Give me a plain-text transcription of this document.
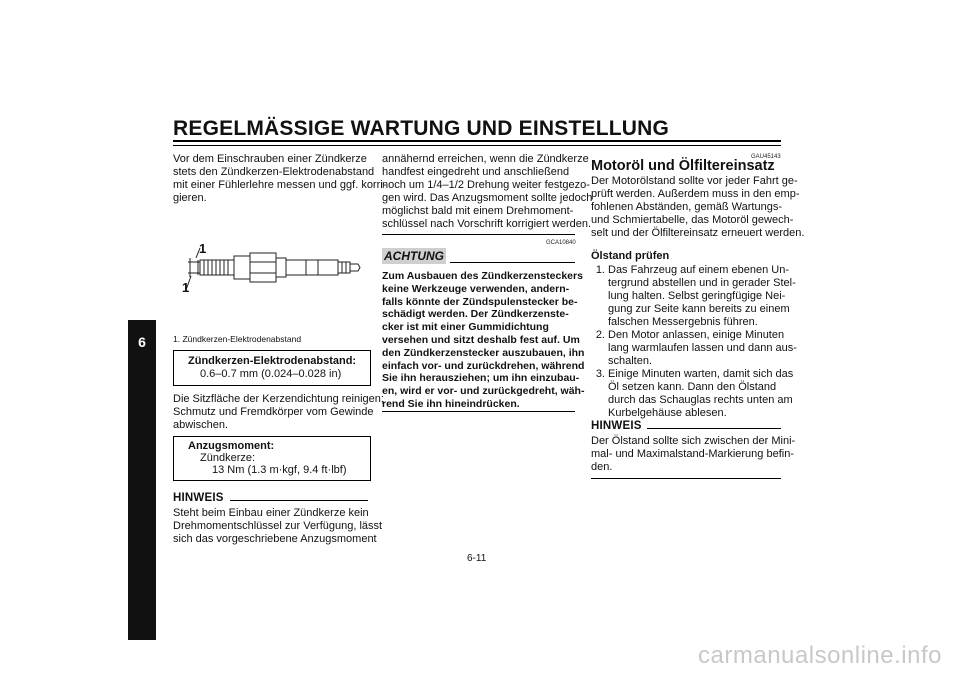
REGELMÄSSIGE WARTUNG UND EINSTELLUNG
6
Vor dem Einschrauben einer Zündkerze
stets den Zündkerzen-Elektrodenabstand
mit einer Fühlerlehre messen und ggf. korri-
gieren.
1
1
1. Zündkerzen-Elektrodenabstand
Zündkerzen-Elektrodenabstand:
0.6–0.7 mm (0.024–0.028 in)
Die Sitzfläche der Kerzendichtung reinigen;
Schmutz und Fremdkörper vom Gewinde
abwischen.
Anzugsmoment:
Zündkerze:
13 Nm (1.3 m·kgf, 9.4 ft·lbf)
HINWEIS
Steht beim Einbau einer Zündkerze kein
Drehmomentschlüssel zur Verfügung, lässt
sich das vorgeschriebene Anzugsmoment
annähernd erreichen, wenn die Zündkerze
handfest eingedreht und anschließend
noch um 1/4–1/2 Drehung weiter festgezo-
gen wird. Das Anzugsmoment sollte jedoch
möglichst bald mit einem Drehmoment-
schlüssel nach Vorschrift korrigiert werden.
GCA10840
ACHTUNG
Zum Ausbauen des Zündkerzensteckers
keine Werkzeuge verwenden, andern-
falls könnte der Zündspulenstecker be-
schädigt werden. Der Zündkerzenste-
cker ist mit einer Gummidichtung
versehen und sitzt deshalb fest auf. Um
den Zündkerzenstecker auszubauen, ihn
einfach vor- und zurückdrehen, während
Sie ihn herausziehen; um ihn einzubau-
en, wird er vor- und zurückgedreht, wäh-
rend Sie ihn hineindrücken.
GAU45143
Motoröl und Ölfiltereinsatz
Der Motorölstand sollte vor jeder Fahrt ge-
prüft werden. Außerdem muss in den emp-
fohlenen Abständen, gemäß Wartungs-
und Schmiertabelle, das Motoröl gewech-
selt und der Ölfiltereinsatz erneuert werden.
Ölstand prüfen
1. Das Fahrzeug auf einem ebenen Un-
tergrund abstellen und in gerader Stel-
lung halten. Selbst geringfügige Nei-
gung zur Seite kann bereits zu einem
falschen Messergebnis führen.
2. Den Motor anlassen, einige Minuten
lang warmlaufen lassen und dann aus-
schalten.
3. Einige Minuten warten, damit sich das
Öl setzen kann. Dann den Ölstand
durch das Schauglas rechts unten am
Kurbelgehäuse ablesen.
HINWEIS
Der Ölstand sollte sich zwischen der Mini-
mal- und Maximalstand-Markierung befin-
den.
6-11
carmanualsonline.info
